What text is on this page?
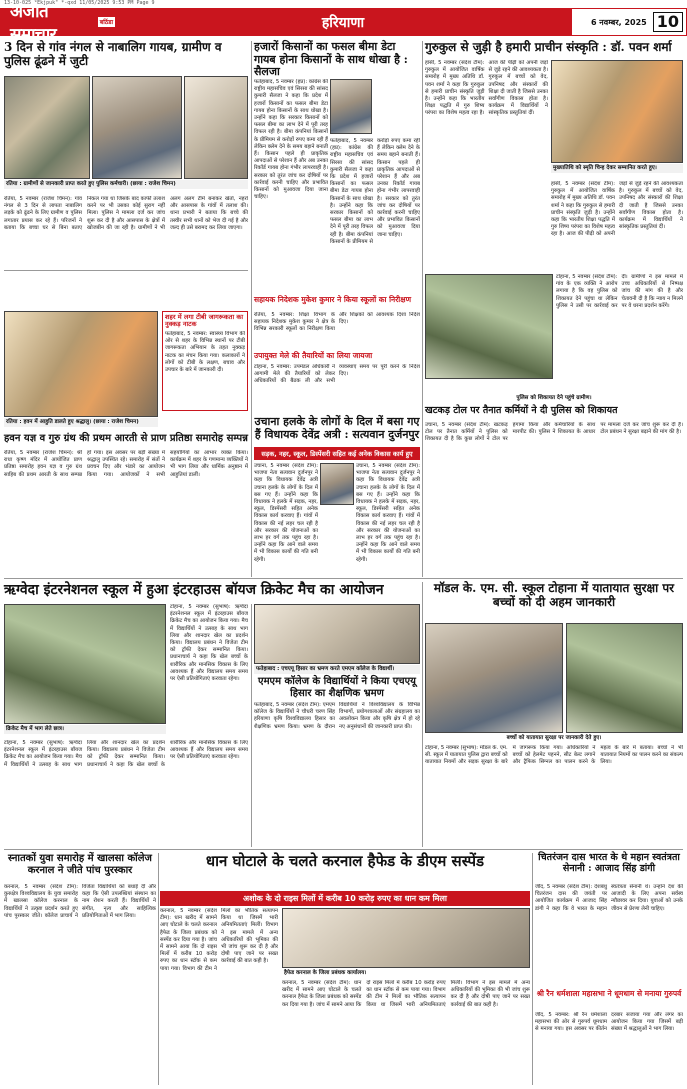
13-10-025 *Ekjpuk" *-qxd 11/05/2025 9:53 PM Page 9
अजीत समाचार
बठिंडा	हरियाणा	6 नवम्बर, 2025 10
3 दिन से गांव नंगल से नाबालिग गायब, ग्रामीण व पुलिस ढूंढने में जुटी
रतिया : ग्रामीणों से जानकारी प्राप्त करते हुए पुलिस कर्मचारी। (छाया : राजेश चिमन)
रतिया, 5 नवम्बर (राजेश चिमन): गांव नंगल से 3 दिन से लापता नाबालिग लड़के को ढूंढने के लिए ग्रामीण व पुलिस लगातार प्रयास कर रहे हैं। परिजनों ने बताया कि बच्चा घर से बिना बताए निकल गया था जिसके बाद काफी तलाश करने पर भी उसका कोई सुराग नहीं मिला। पुलिस ने मामला दर्ज कर जांच शुरू कर दी है और आसपास के क्षेत्रों में खोजबीन की जा रही है। ग्रामीणों ने भी अलग अलग टीमें बनाकर खेतों, नहरों और आसपास के गांवों में तलाश की। थाना प्रभारी ने बताया कि बच्चे की तस्वीर सभी थानों को भेज दी गई है और जल्द ही उसे बरामद कर लिया जाएगा।
हजारों किसानों का फसल बीमा डेटा गायब होना किसानों के साथ धोखा है : सैलजा
फतेहाबाद, 5 नवम्बर (हप्र): कांग्रेस की राष्ट्रीय महासचिव एवं सिरसा की सांसद कुमारी सैलजा ने कहा कि प्रदेश में हजारों किसानों का फसल बीमा डेटा गायब होना किसानों के साथ धोखा है। उन्होंने कहा कि सरकार किसानों को फसल बीमा का लाभ देने में पूरी तरह विफल रही है। बीमा कंपनियां किसानों के प्रीमियम से करोड़ों रुपए कमा रही हैं लेकिन क्लेम देने के समय बहाने बनाती हैं। किसान पहले ही प्राकृतिक आपदाओं से परेशान हैं और अब उनका रिकॉर्ड गायब होना गंभीर लापरवाही है। सरकार को तुरंत जांच कर दोषियों पर कार्रवाई करनी चाहिए और प्रभावित किसानों को मुआवजा दिया जाना चाहिए।
फतेहाबाद, 5 नवम्बर (हप्र): कांग्रेस की राष्ट्रीय महासचिव एवं सिरसा की सांसद कुमारी सैलजा ने कहा कि प्रदेश में हजारों किसानों का फसल बीमा डेटा गायब होना किसानों के साथ धोखा है। उन्होंने कहा कि सरकार किसानों को फसल बीमा का लाभ देने में पूरी तरह विफल रही है। बीमा कंपनियां किसानों के प्रीमियम से करोड़ों रुपए कमा रही हैं लेकिन क्लेम देने के समय बहाने बनाती हैं। किसान पहले ही प्राकृतिक आपदाओं से परेशान हैं और अब उनका रिकॉर्ड गायब होना गंभीर लापरवाही है। सरकार को तुरंत जांच कर दोषियों पर कार्रवाई करनी चाहिए और प्रभावित किसानों को मुआवजा दिया जाना चाहिए।
गुरुकुल से जुड़ी है हमारी प्राचीन संस्कृति : डॉ. पवन शर्मा
हांसी, 5 नवम्बर (संदेश टीम): गुरुकुल में आयोजित वार्षिक समारोह में मुख्य अतिथि डॉ. पवन शर्मा ने कहा कि गुरुकुल से हमारी प्राचीन संस्कृति जुड़ी है। उन्होंने कहा कि भारतीय शिक्षा पद्धति में गुरु शिष्य परंपरा का विशेष महत्व रहा है। आज की पीढ़ी को अपनी जड़ों से जुड़े रहने की आवश्यकता है। गुरुकुल में बच्चों को वेद, उपनिषद और संस्कारों की शिक्षा दी जाती है जिससे उनका सर्वांगीण विकास होता है। कार्यक्रम में विद्यार्थियों ने सांस्कृतिक प्रस्तुतियां दीं।
मुख्यातिथि को स्मृति चिन्ह देकर सम्मानित करते हुए।
हांसी, 5 नवम्बर (संदेश टीम): गुरुकुल में आयोजित वार्षिक समारोह में मुख्य अतिथि डॉ. पवन शर्मा ने कहा कि गुरुकुल से हमारी प्राचीन संस्कृति जुड़ी है। उन्होंने कहा कि भारतीय शिक्षा पद्धति में गुरु शिष्य परंपरा का विशेष महत्व रहा है। आज की पीढ़ी को अपनी जड़ों से जुड़े रहने की आवश्यकता है। गुरुकुल में बच्चों को वेद, उपनिषद और संस्कारों की शिक्षा दी जाती है जिससे उनका सर्वांगीण विकास होता है। कार्यक्रम में विद्यार्थियों ने सांस्कृतिक प्रस्तुतियां दीं।
रतिया : हवन में आहुति डालते हुए श्रद्धालु। (छाया : राजेश चिमन)
शहर में लगा टीबी जागरूकता का नुक्कड़ नाटक
फतेहाबाद, 5 नवम्बर: स्वास्थ्य विभाग की ओर से शहर के विभिन्न स्थानों पर टीबी जागरूकता अभियान के तहत नुक्कड़ नाटक का मंचन किया गया। कलाकारों ने लोगों को टीबी के लक्षण, बचाव और उपचार के बारे में जानकारी दी।
हवन यज्ञ व गुरु ग्रंथ की प्रथम आरती से प्राण प्रतिष्ठा समारोह सम्पन्न
रतिया, 5 नवम्बर (राजेश चिमन): श्री राधा कृष्ण मंदिर में आयोजित प्राण प्रतिष्ठा समारोह हवन यज्ञ व गुरु ग्रंथ साहिब की प्रथम आरती के साथ सम्पन्न हो गया। इस अवसर पर बड़ी संख्या में श्रद्धालु उपस्थित रहे। समारोह में संतों ने प्रवचन दिए और भंडारे का आयोजन किया गया। आयोजकों ने सभी सहयोगियों का आभार व्यक्त किया। कार्यक्रम में शहर के गणमान्य व्यक्तियों ने भी भाग लिया और धार्मिक अनुष्ठान में आहुतियां डालीं।
सहायक निदेशक मुकेश कुमार ने किया स्कूलों का निरीक्षण
रतिया, 5 नवम्बर: शिक्षा विभाग के सहायक निदेशक मुकेश कुमार ने क्षेत्र के विभिन्न सरकारी स्कूलों का निरीक्षण किया और शिक्षकों को आवश्यक दिशा निर्देश दिए।
उपायुक्त मेले की तैयारियों का लिया जायजा
टोहाना, 5 नवम्बर: उपमंडल अधिकारी ने आगामी मेले की तैयारियों को लेकर अधिकारियों की बैठक ली और सभी व्यवस्थाएं समय पर पूरी करने के निर्देश दिए।
उचाना हलके के लोगों के दिल में बसा गए हैं विधायक देवेंद्र अत्री : सत्यवान दुर्जनपुर
सड़क, नहर, स्कूल, डिस्पेंसरी सहित कई अनेक विकास कार्य हुए
उचाना, 5 नवम्बर (संदेश टीम): भाजपा नेता सत्यवान दुर्जनपुर ने कहा कि विधायक देवेंद्र अत्री उचाना हलके के लोगों के दिल में बस गए हैं। उन्होंने कहा कि विधायक ने हलके में सड़क, नहर, स्कूल, डिस्पेंसरी सहित अनेक विकास कार्य करवाए हैं। गांवों में विकास की नई लहर चल रही है और सरकार की योजनाओं का लाभ हर वर्ग तक पहुंच रहा है। उन्होंने कहा कि आने वाले समय में भी विकास कार्यों की गति बनी रहेगी।
उचाना, 5 नवम्बर (संदेश टीम): भाजपा नेता सत्यवान दुर्जनपुर ने कहा कि विधायक देवेंद्र अत्री उचाना हलके के लोगों के दिल में बस गए हैं। उन्होंने कहा कि विधायक ने हलके में सड़क, नहर, स्कूल, डिस्पेंसरी सहित अनेक विकास कार्य करवाए हैं। गांवों में विकास की नई लहर चल रही है और सरकार की योजनाओं का लाभ हर वर्ग तक पहुंच रहा है। उन्होंने कहा कि आने वाले समय में भी विकास कार्यों की गति बनी रहेगी।
टोहाना, 5 नवम्बर (संदेश टीम): गांव के एक व्यक्ति ने आरोप लगाया है कि वह पुलिस को शिकायत देने पहुंचा था लेकिन पुलिस ने उसी पर कार्रवाई कर दी। ग्रामीणों ने इस मामले में उच्च अधिकारियों से निष्पक्ष जांच की मांग की है और चेतावनी दी है कि न्याय न मिलने पर वे धरना प्रदर्शन करेंगे।
पुलिस को शिकायत देने पहुंचे ग्रामीण।
खटकड़ टोल पर तैनात कर्मियों ने दी पुलिस को शिकायत
उचाना, 5 नवम्बर (संदेश टीम): खटकड़ टोल पर तैनात कर्मियों ने पुलिस को शिकायत दी है कि कुछ लोगों ने टोल पर हंगामा किया और कर्मचारियों के साथ मारपीट की। पुलिस ने शिकायत के आधार पर मामला दर्ज कर जांच शुरू कर दी है। टोल प्रबंधन ने सुरक्षा बढ़ाने की मांग की है।
ऋग्वेदा इंटरनेशनल स्कूल में हुआ इंटरहाउस बॉयज क्रिकेट मैच का आयोजन
क्रिकेट मैच में भाग लेते छात्र।
टोहाना, 5 नवम्बर (सुभाष): ऋग्वेदा इंटरनेशनल स्कूल में इंटरहाउस बॉयज क्रिकेट मैच का आयोजन किया गया। मैच में विद्यार्थियों ने उत्साह के साथ भाग लिया और शानदार खेल का प्रदर्शन किया। विद्यालय प्रबंधन ने विजेता टीम को ट्रॉफी देकर सम्मानित किया। प्रधानाचार्य ने कहा कि खेल बच्चों के शारीरिक और मानसिक विकास के लिए आवश्यक हैं और विद्यालय समय समय पर ऐसी प्रतियोगिताएं करवाता रहेगा।
टोहाना, 5 नवम्बर (सुभाष): ऋग्वेदा इंटरनेशनल स्कूल में इंटरहाउस बॉयज क्रिकेट मैच का आयोजन किया गया। मैच में विद्यार्थियों ने उत्साह के साथ भाग लिया और शानदार खेल का प्रदर्शन किया। विद्यालय प्रबंधन ने विजेता टीम को ट्रॉफी देकर सम्मानित किया। प्रधानाचार्य ने कहा कि खेल बच्चों के शारीरिक और मानसिक विकास के लिए आवश्यक हैं और विद्यालय समय समय पर ऐसी प्रतियोगिताएं करवाता रहेगा।
फतेहाबाद : एचएयू हिसार का भ्रमण करते एमएम कॉलेज के विद्यार्थी।
एमएम कॉलेज के विद्यार्थियों ने किया एचएयू हिसार का शैक्षणिक भ्रमण
फतेहाबाद, 5 नवम्बर (संदेश टीम): एमएम कॉलेज के विद्यार्थियों ने चौधरी चरण सिंह हरियाणा कृषि विश्वविद्यालय हिसार का शैक्षणिक भ्रमण किया। भ्रमण के दौरान विद्यार्थियों ने विश्वविद्यालय के विभिन्न विभागों, प्रयोगशालाओं और संग्रहालय का अवलोकन किया और कृषि क्षेत्र में हो रहे नए अनुसंधानों की जानकारी प्राप्त की।
मॉडल के. एम. सी. स्कूल टोहाना में यातायात सुरक्षा पर बच्चों को दी अहम जानकारी
बच्चों को यातायात सुरक्षा पर जानकारी देते हुए।
टोहाना, 5 नवम्बर (सुभाष): मॉडल के. एम. सी. स्कूल में यातायात पुलिस द्वारा बच्चों को यातायात नियमों और सड़क सुरक्षा के बारे में जागरूक किया गया। अधिकारियों ने बच्चों को हेलमेट पहनने, सीट बेल्ट लगाने और ट्रैफिक सिग्नल का पालन करने के महत्व के बारे में बताया। बच्चों ने भी यातायात नियमों का पालन करने का संकल्प लिया।
स्नातकों युवा समारोह में खालसा कॉलेज करनाल ने जीते पांच पुरस्कार
करनाल, 5 नवम्बर (संदेश टीम): कुरुक्षेत्र विश्वविद्यालय के युवा समारोह में खालसा कॉलेज करनाल के विद्यार्थियों ने उत्कृष्ट प्रदर्शन करते हुए पांच पुरस्कार जीते। कॉलेज प्राचार्य ने विजेता विद्यार्थियों को बधाई दी और कहा कि ऐसी उपलब्धियां संस्थान का नाम रोशन करती हैं। विद्यार्थियों ने संगीत, नृत्य और साहित्यिक प्रतियोगिताओं में भाग लिया।
धान घोटाले के चलते करनाल हैफेड के डीएम सस्पेंड
अशोक के दो राइस मिलों में करीब 10 करोड़ रुपए का धान कम मिला
करनाल, 5 नवम्बर (संदेश टीम): धान खरीद में सामने आए घोटाले के चलते करनाल हैफेड के जिला प्रबंधक को सस्पेंड कर दिया गया है। जांच में सामने आया कि दो राइस मिलों में करीब 10 करोड़ रुपए का धान स्टॉक से कम पाया गया। विभाग की टीम ने मिलों का भौतिक सत्यापन किया था जिसमें भारी अनियमितताएं मिलीं। विभाग ने इस मामले में अन्य अधिकारियों की भूमिका की भी जांच शुरू कर दी है और दोषी पाए जाने पर सख्त कार्रवाई की बात कही है।
हैफेड करनाल के जिला प्रबंधक कार्यालय।
करनाल, 5 नवम्बर (संदेश टीम): धान खरीद में सामने आए घोटाले के चलते करनाल हैफेड के जिला प्रबंधक को सस्पेंड कर दिया गया है। जांच में सामने आया कि दो राइस मिलों में करीब 10 करोड़ रुपए का धान स्टॉक से कम पाया गया। विभाग की टीम ने मिलों का भौतिक सत्यापन किया था जिसमें भारी अनियमितताएं मिलीं। विभाग ने इस मामले में अन्य अधिकारियों की भूमिका की भी जांच शुरू कर दी है और दोषी पाए जाने पर सख्त कार्रवाई की बात कही है।
चितरंजन दास भारत के थे महान स्वतंत्रता सेनानी : आजाद सिंह डांगी
जींद, 5 नवम्बर (संदेश टीम): देशबंधु चितरंजन दास की जयंती पर आयोजित कार्यक्रम में आजाद सिंह डांगी ने कहा कि वे भारत के महान स्वतंत्रता सेनानी थे। उन्होंने देश की आजादी के लिए अपना सर्वस्व न्यौछावर कर दिया। युवाओं को उनके जीवन से प्रेरणा लेनी चाहिए।
श्री रैन धर्मशाला महासभा ने धूमधाम से मनाया गुरुपर्व
जींद, 5 नवम्बर: श्री रैन धर्मशाला महासभा की ओर से गुरुपर्व धूमधाम से मनाया गया। इस अवसर पर कीर्तन दरबार सजाया गया और लंगर का आयोजन किया गया जिसमें बड़ी संख्या में श्रद्धालुओं ने भाग लिया।
